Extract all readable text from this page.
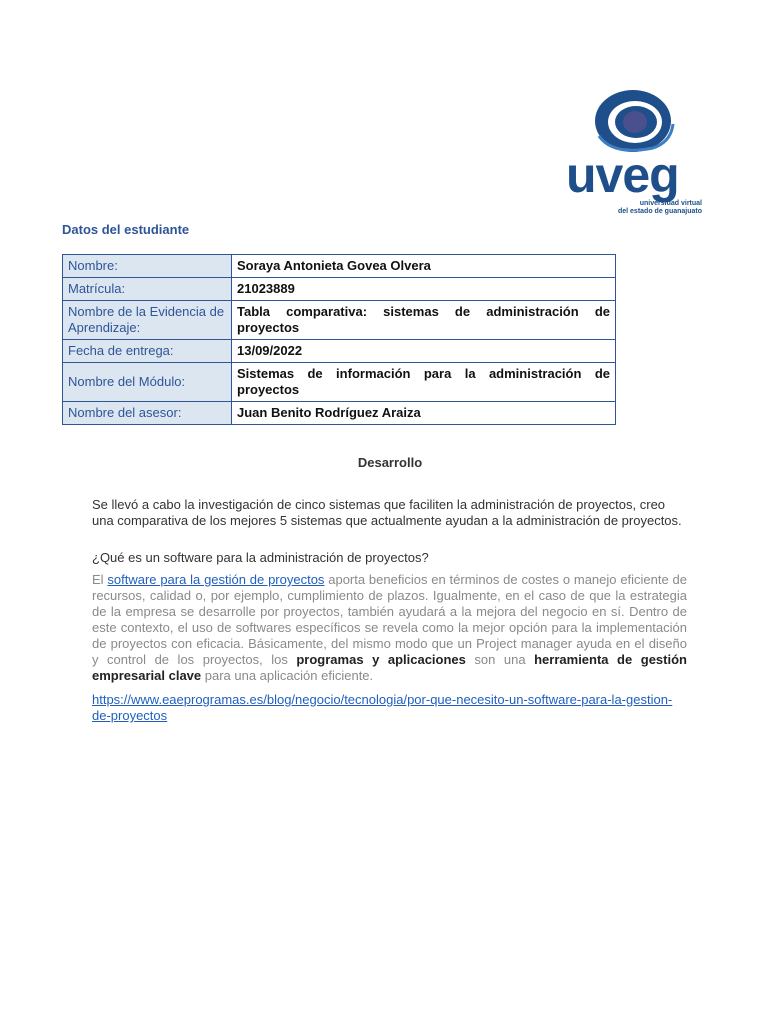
uveg
universidad virtual
del estado de guanajuato
Datos del estudiante
Nombre:	Soraya Antonieta Govea Olvera
Matrícula:	21023889
Nombre de la Evidencia de Aprendizaje:	Tabla comparativa: sistemas de administración de proyectos
Fecha de entrega:	13/09/2022
Nombre del Módulo:	Sistemas de información para la administración de proyectos
Nombre del asesor:	Juan Benito Rodríguez Araiza
Desarrollo
Se llevó a cabo la investigación de cinco sistemas que faciliten la administración de proyectos, creo una comparativa de los mejores 5 sistemas que actualmente ayudan a la administración de proyectos.
¿Qué es un software para la administración de proyectos?
El software para la gestión de proyectos aporta beneficios en términos de costes o manejo eficiente de recursos, calidad o, por ejemplo, cumplimiento de plazos. Igualmente, en el caso de que la estrategia de la empresa se desarrolle por proyectos, también ayudará a la mejora del negocio en sí. Dentro de este contexto, el uso de softwares específicos se revela como la mejor opción para la implementación de proyectos con eficacia. Básicamente, del mismo modo que un Project manager ayuda en el diseño y control de los proyectos, los programas y aplicaciones son una herramienta de gestión empresarial clave para una aplicación eficiente.
https://www.eaeprogramas.es/blog/negocio/tecnologia/por-que-necesito-un-software-para-la-gestion-de-proyectos
